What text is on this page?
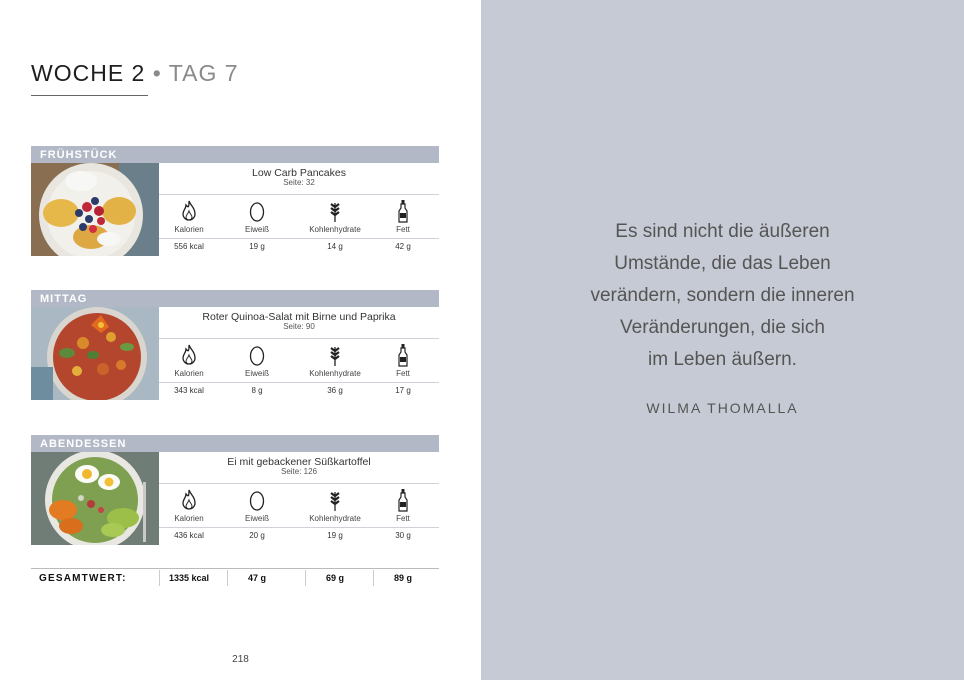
WOCHE 2 • TAG 7
FRÜHSTÜCK
Low Carb Pancakes
Seite: 32
Kalorien	Eiweiß	Kohlenhydrate	Fett
556 kcal	19 g	14 g	42 g
MITTAG
Roter Quinoa-Salat mit Birne und Paprika
Seite: 90
Kalorien	Eiweiß	Kohlenhydrate	Fett
343 kcal	8 g	36 g	17 g
ABENDESSEN
Ei mit gebackener Süßkartoffel
Seite: 126
Kalorien	Eiweiß	Kohlenhydrate	Fett
436 kcal	20 g	19 g	30 g
GESAMTWERT:	1335 kcal	47 g	69 g	89 g
218
Es sind nicht die äußeren
Umstände, die das Leben
verändern, sondern die inneren
Veränderungen, die sich
im Leben äußern.
WILMA THOMALLA
